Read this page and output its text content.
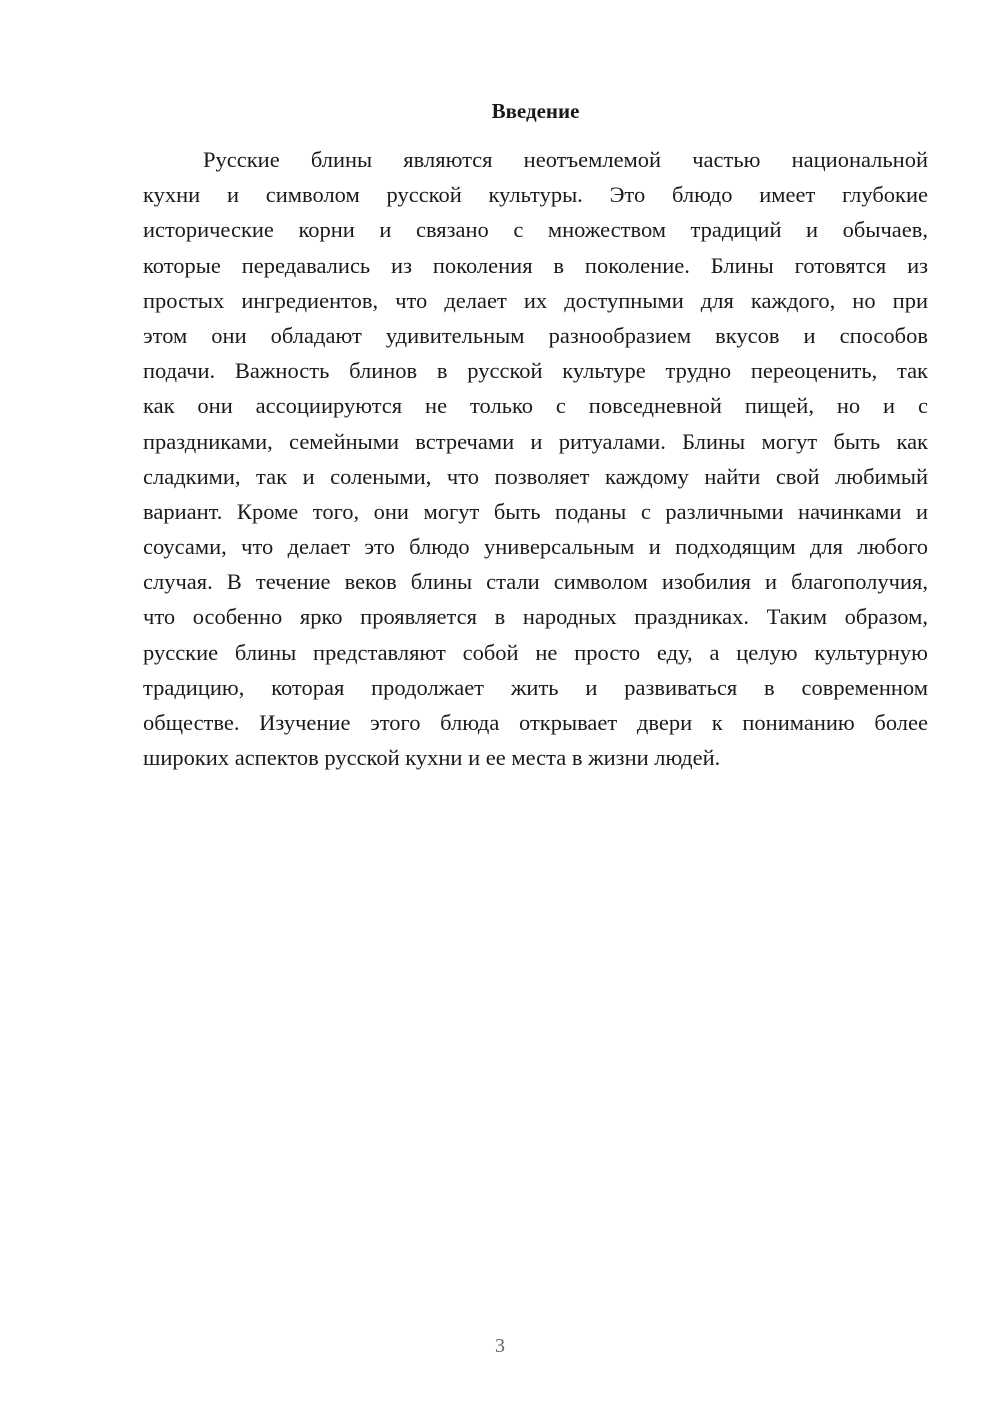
Введение
Русские блины являются неотъемлемой частью национальной
кухни и символом русской культуры. Это блюдо имеет глубокие
исторические корни и связано с множеством традиций и обычаев,
которые передавались из поколения в поколение. Блины готовятся из
простых ингредиентов, что делает их доступными для каждого, но при
этом они обладают удивительным разнообразием вкусов и способов
подачи. Важность блинов в русской культуре трудно переоценить, так
как они ассоциируются не только с повседневной пищей, но и с
праздниками, семейными встречами и ритуалами. Блины могут быть как
сладкими, так и солеными, что позволяет каждому найти свой любимый
вариант. Кроме того, они могут быть поданы с различными начинками и
соусами, что делает это блюдо универсальным и подходящим для любого
случая. В течение веков блины стали символом изобилия и благополучия,
что особенно ярко проявляется в народных праздниках. Таким образом,
русские блины представляют собой не просто еду, а целую культурную
традицию, которая продолжает жить и развиваться в современном
обществе. Изучение этого блюда открывает двери к пониманию более
широких аспектов русской кухни и ее места в жизни людей.
3
